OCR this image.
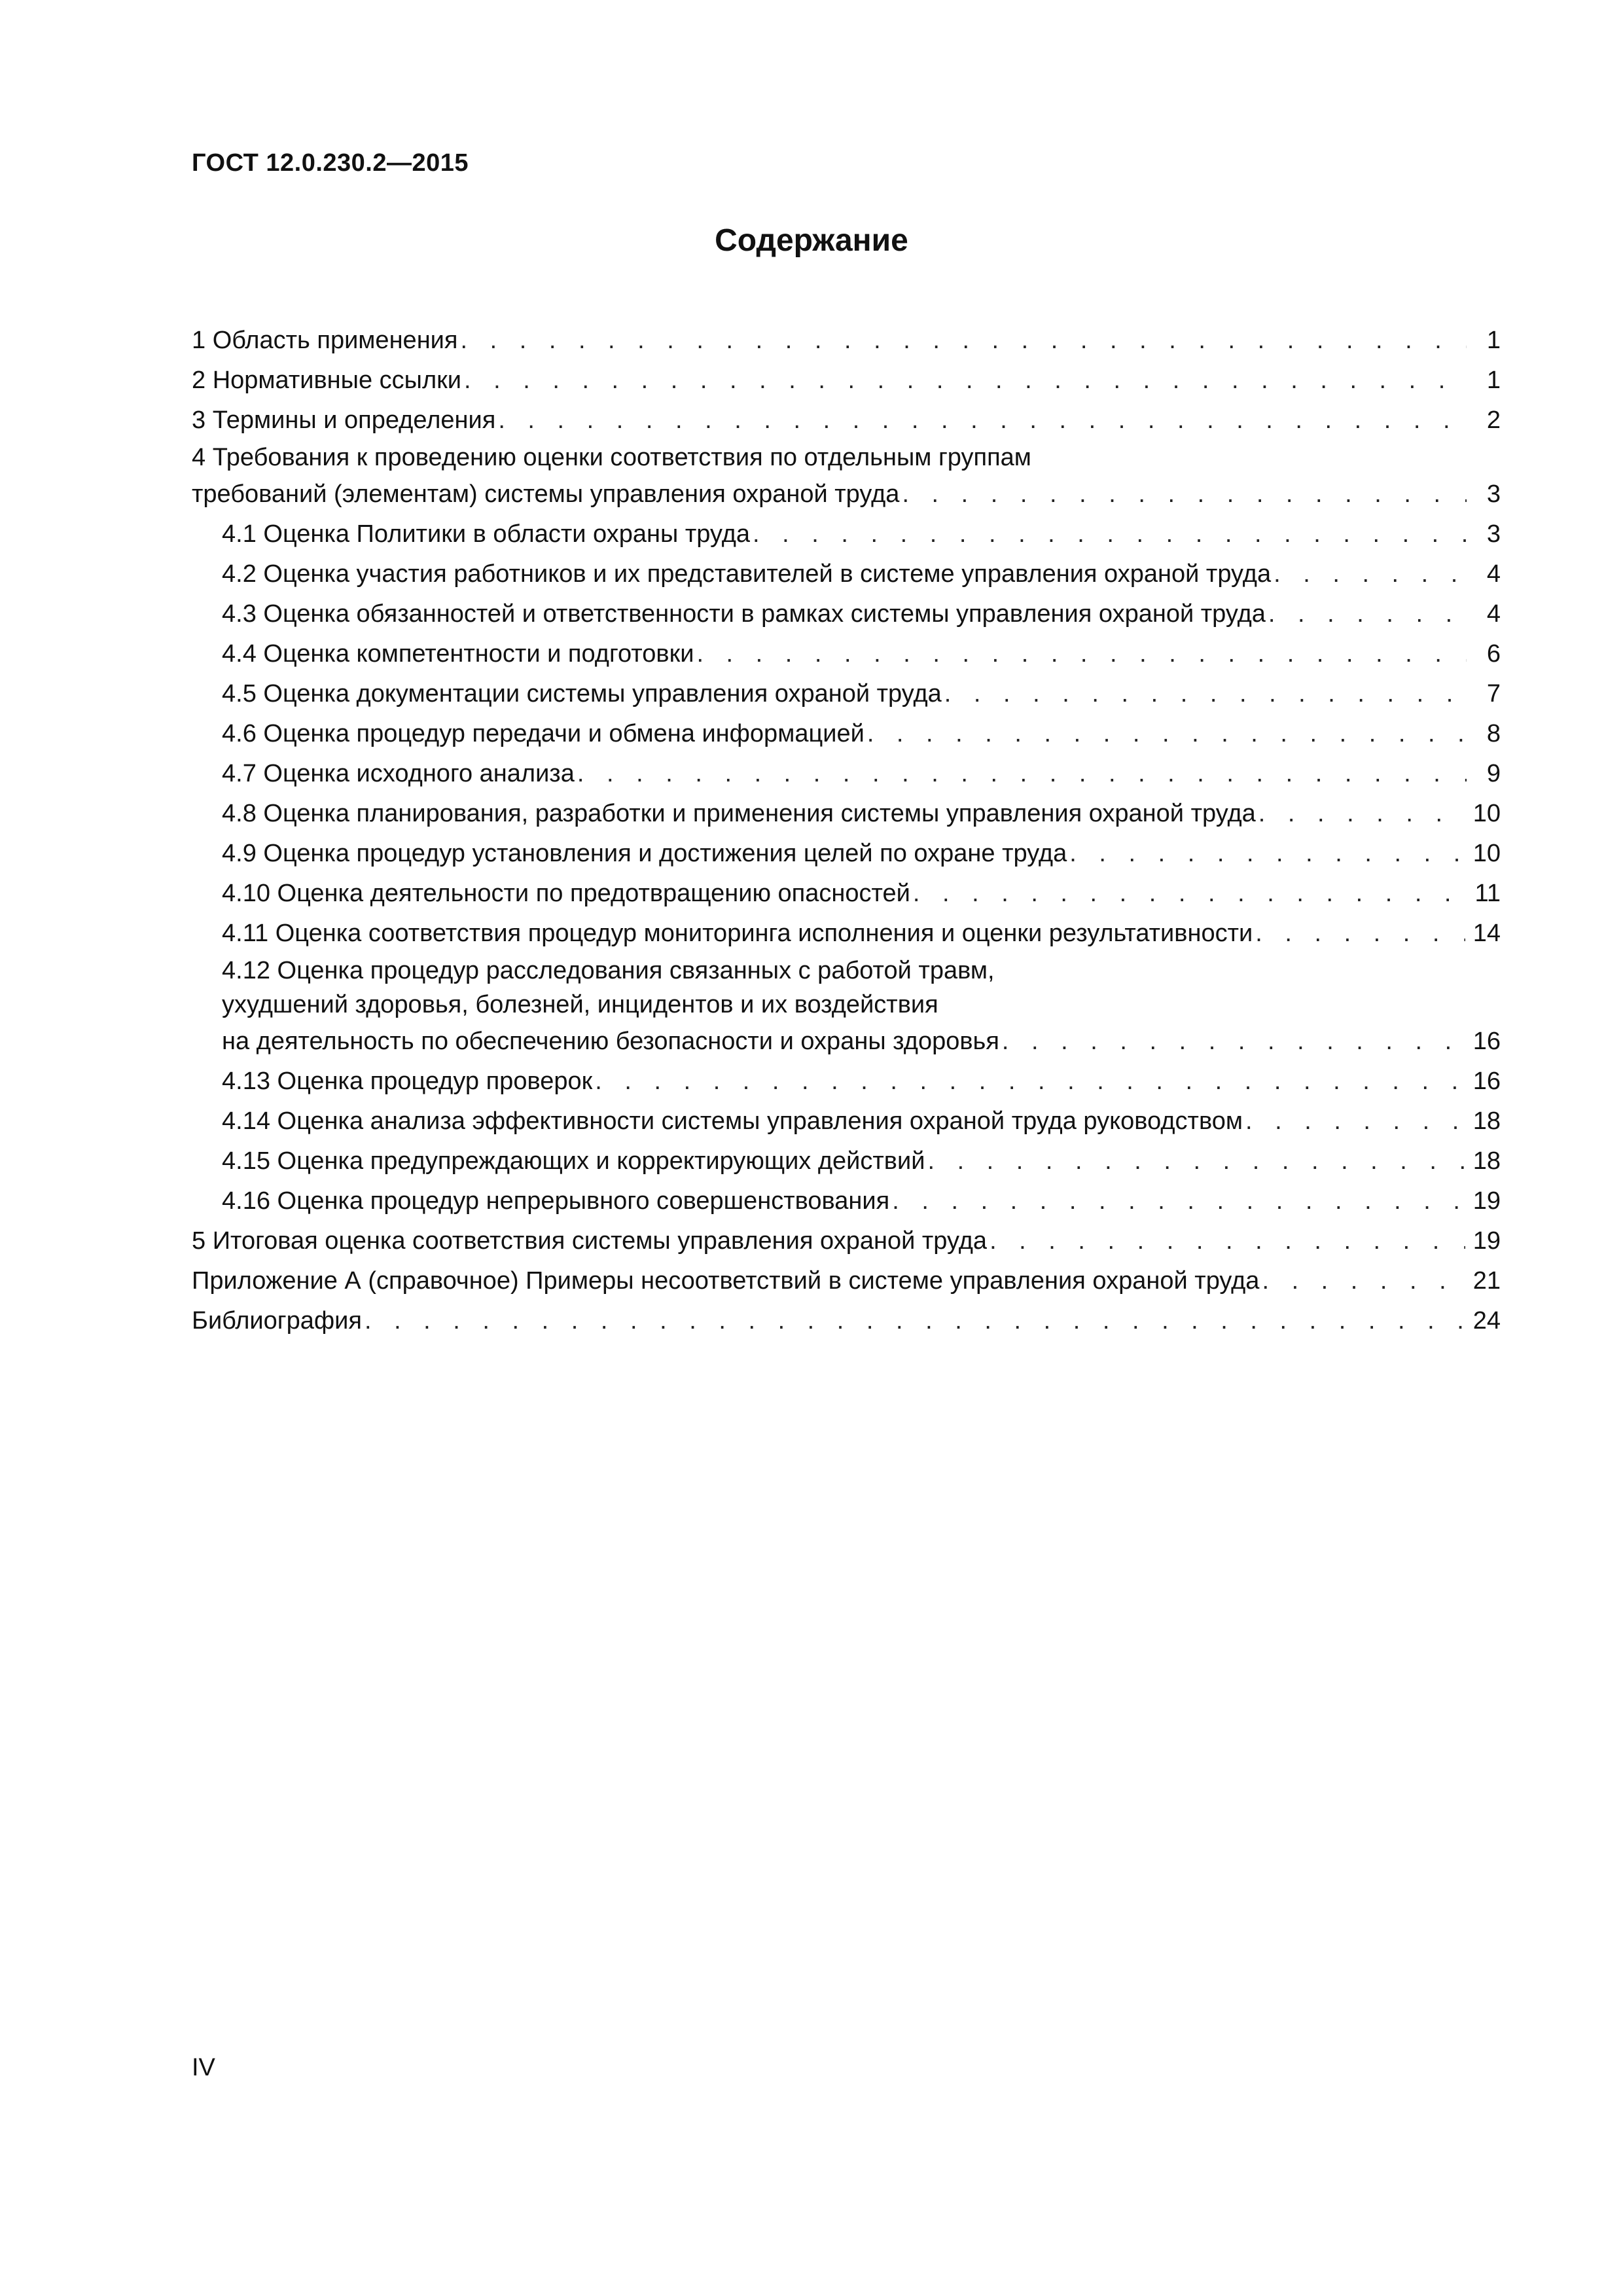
ГОСТ 12.0.230.2—2015
Содержание
1 Область применения . . .	1
2 Нормативные ссылки . . .	1
3 Термины и определения . . .	2
4 Требования к проведению оценки соответствия по отдельным группам
требований (элементам) системы управления охраной труда . . .	3
4.1 Оценка Политики в области охраны труда . . .	3
4.2 Оценка участия работников и их представителей в системе управления охраной труда . . .	4
4.3 Оценка обязанностей и ответственности в рамках системы управления охраной труда . . .	4
4.4 Оценка компетентности и подготовки . . .	6
4.5 Оценка документации системы управления охраной труда . . .	7
4.6 Оценка процедур передачи и обмена информацией . . .	8
4.7 Оценка исходного анализа . . .	9
4.8 Оценка планирования, разработки и применения системы управления охраной труда . . .	10
4.9 Оценка процедур установления и достижения целей по охране труда . . .	10
4.10 Оценка деятельности по предотвращению опасностей . . .	11
4.11 Оценка соответствия процедур мониторинга исполнения и оценки результативности . . .	14
4.12 Оценка процедур расследования связанных с работой травм,
ухудшений здоровья, болезней, инцидентов и их воздействия
на деятельность по обеспечению безопасности и охраны здоровья . . .	16
4.13 Оценка процедур проверок . . .	16
4.14 Оценка анализа эффективности системы управления охраной труда руководством . . .	18
4.15 Оценка предупреждающих и корректирующих действий . . .	18
4.16 Оценка процедур непрерывного совершенствования . . .	19
5 Итоговая оценка соответствия системы управления охраной труда . . .	19
Приложение А (справочное) Примеры несоответствий в системе управления охраной труда . . .	21
Библиография . . .	24
IV
